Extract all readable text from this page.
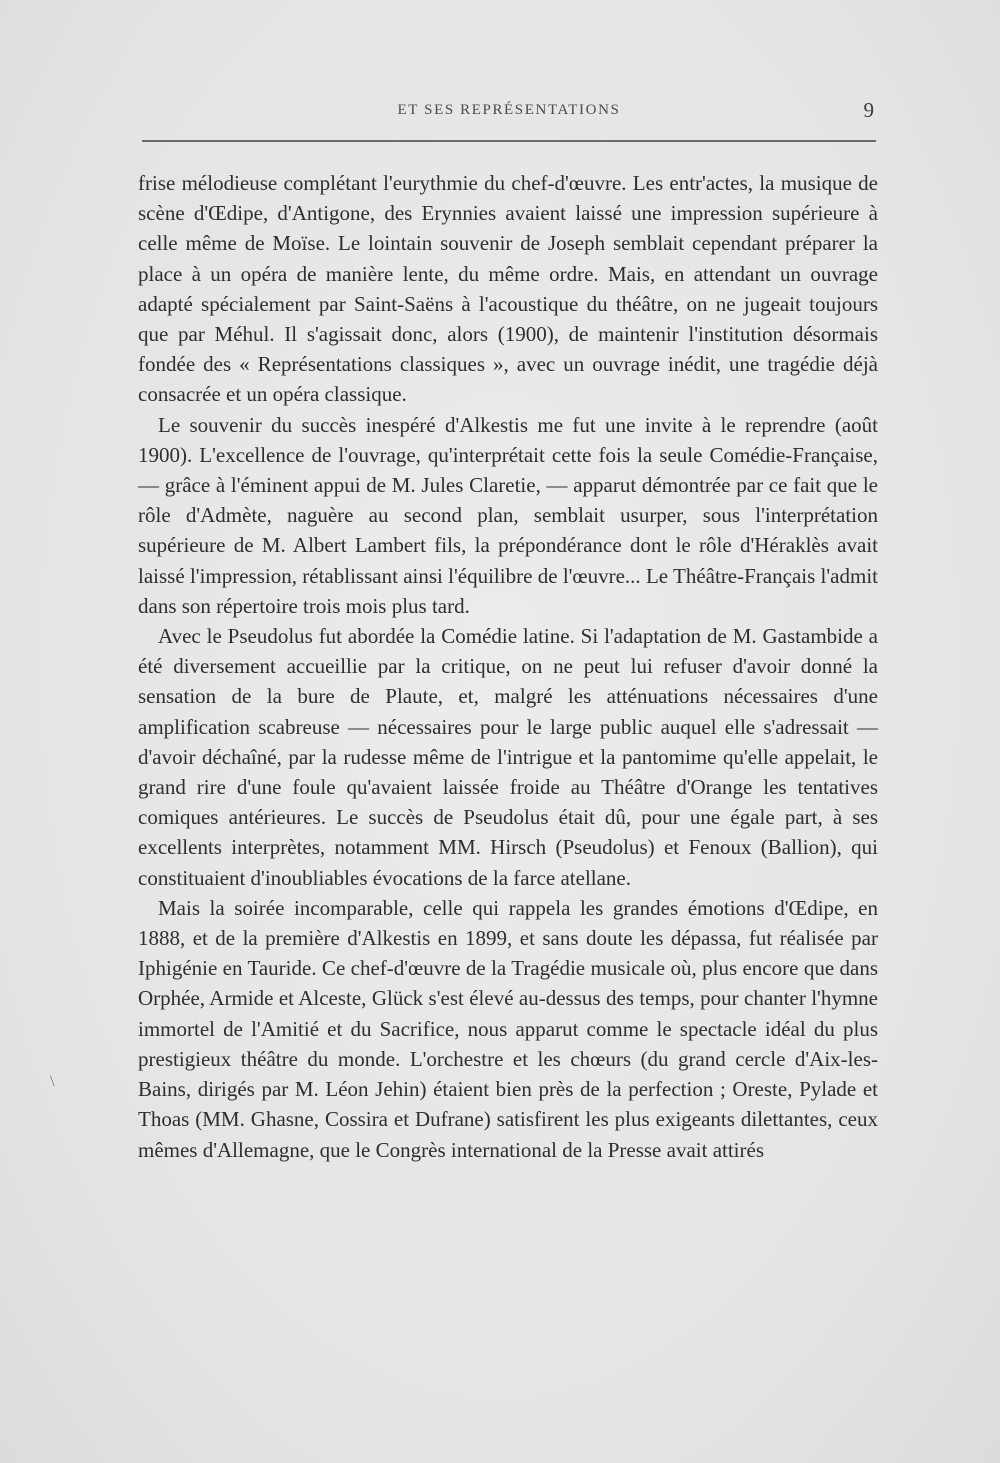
ET SES REPRÉSENTATIONS	9

frise mélodieuse complétant l'eurythmie du chef-d'œuvre. Les entr'actes, la musique de scène d'Œdipe, d'Antigone, des Erynnies avaient laissé une impression supérieure à celle même de Moïse. Le lointain souvenir de Joseph semblait cependant préparer la place à un opéra de manière lente, du même ordre. Mais, en attendant un ouvrage adapté spécialement par Saint-Saëns à l'acoustique du théâtre, on ne jugeait toujours que par Méhul. Il s'agissait donc, alors (1900), de maintenir l'institution désormais fondée des « Représentations classiques », avec un ouvrage inédit, une tragédie déjà consacrée et un opéra classique.

Le souvenir du succès inespéré d'Alkestis me fut une invite à le reprendre (août 1900). L'excellence de l'ouvrage, qu'interprétait cette fois la seule Comédie-Française, — grâce à l'éminent appui de M. Jules Claretie, — apparut démontrée par ce fait que le rôle d'Admète, naguère au second plan, semblait usurper, sous l'interprétation supérieure de M. Albert Lambert fils, la prépondérance dont le rôle d'Héraklès avait laissé l'impression, rétablissant ainsi l'équilibre de l'œuvre... Le Théâtre-Français l'admit dans son répertoire trois mois plus tard.

Avec le Pseudolus fut abordée la Comédie latine. Si l'adaptation de M. Gastambide a été diversement accueillie par la critique, on ne peut lui refuser d'avoir donné la sensation de la bure de Plaute, et, malgré les atténuations nécessaires d'une amplification scabreuse — nécessaires pour le large public auquel elle s'adressait — d'avoir déchaîné, par la rudesse même de l'intrigue et la pantomime qu'elle appelait, le grand rire d'une foule qu'avaient laissée froide au Théâtre d'Orange les tentatives comiques antérieures. Le succès de Pseudolus était dû, pour une égale part, à ses excellents interprètes, notamment MM. Hirsch (Pseudolus) et Fenoux (Ballion), qui constituaient d'inoubliables évocations de la farce atellane.

Mais la soirée incomparable, celle qui rappela les grandes émotions d'Œdipe, en 1888, et de la première d'Alkestis en 1899, et sans doute les dépassa, fut réalisée par Iphigénie en Tauride. Ce chef-d'œuvre de la Tragédie musicale où, plus encore que dans Orphée, Armide et Alceste, Glück s'est élevé au-dessus des temps, pour chanter l'hymne immortel de l'Amitié et du Sacrifice, nous apparut comme le spectacle idéal du plus prestigieux théâtre du monde. L'orchestre et les chœurs (du grand cercle d'Aix-les-Bains, dirigés par M. Léon Jehin) étaient bien près de la perfection ; Oreste, Pylade et Thoas (MM. Ghasne, Cossira et Dufrane) satisfirent les plus exigeants dilettantes, ceux mêmes d'Allemagne, que le Congrès international de la Presse avait attirés

\
